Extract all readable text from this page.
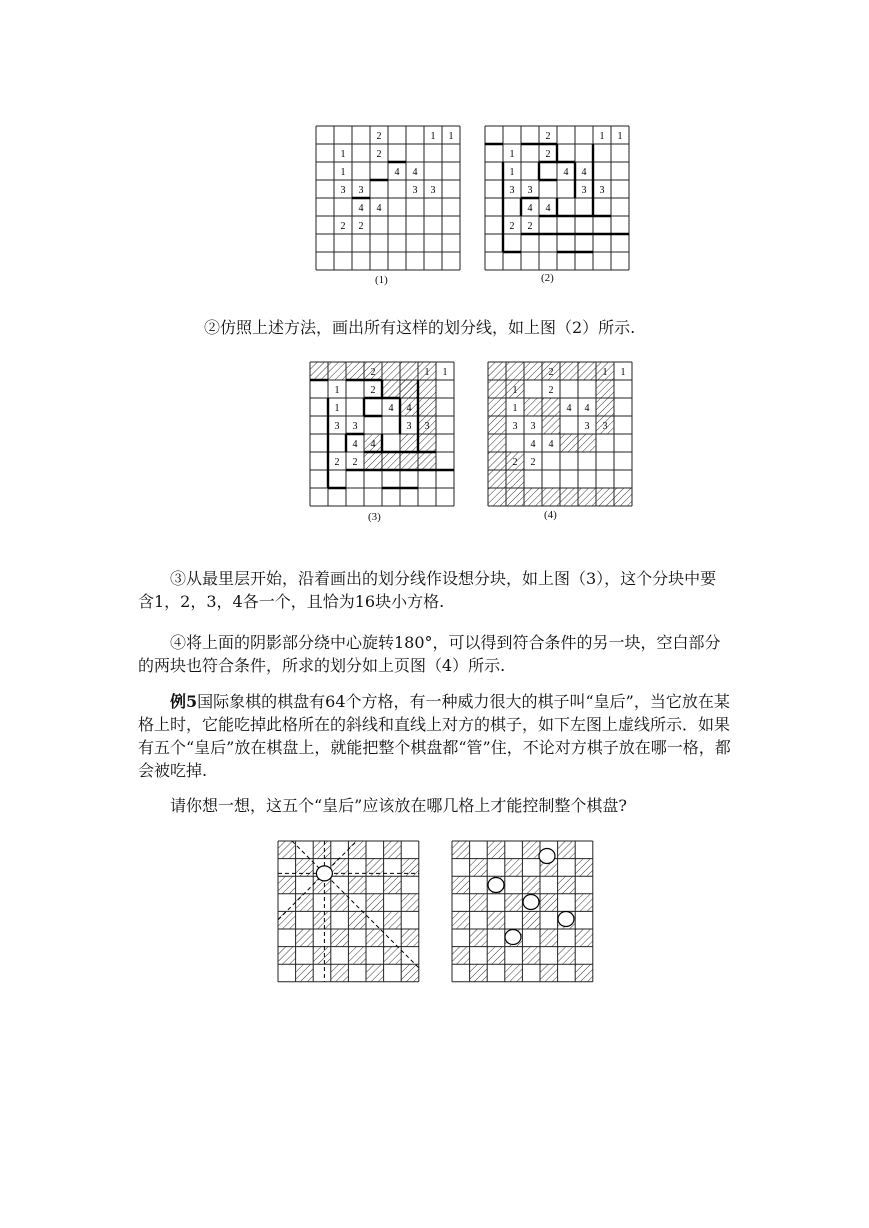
2	1 1
1	2
1	4 4
3 3	3 3
4 4
2 2
(1)
2	1 1
1	2
1	4 4
3 3	3 3
4 4
2 2
(2)

②仿照上述方法，画出所有这样的划分线，如上图（2）所示.

2	1 1
1	2
1	4 4
3 3	3 3
4 4
2 2
(3)
2	1 1
1	2
1	4 4
3 3	3 3
4 4
2 2
(4)

③从最里层开始，沿着画出的划分线作设想分块，如上图（3），这个分块中要含1，2，3，4各一个，且恰为16块小方格.

④将上面的阴影部分绕中心旋转180°，可以得到符合条件的另一块，空白部分的两块也符合条件，所求的划分如上页图（4）所示.

例5国际象棋的棋盘有64个方格，有一种威力很大的棋子叫“皇后”，当它放在某格上时，它能吃掉此格所在的斜线和直线上对方的棋子，如下左图上虚线所示．如果有五个“皇后”放在棋盘上，就能把整个棋盘都“管”住，不论对方棋子放在哪一格，都会被吃掉.

请你想一想，这五个“皇后”应该放在哪几格上才能控制整个棋盘?
